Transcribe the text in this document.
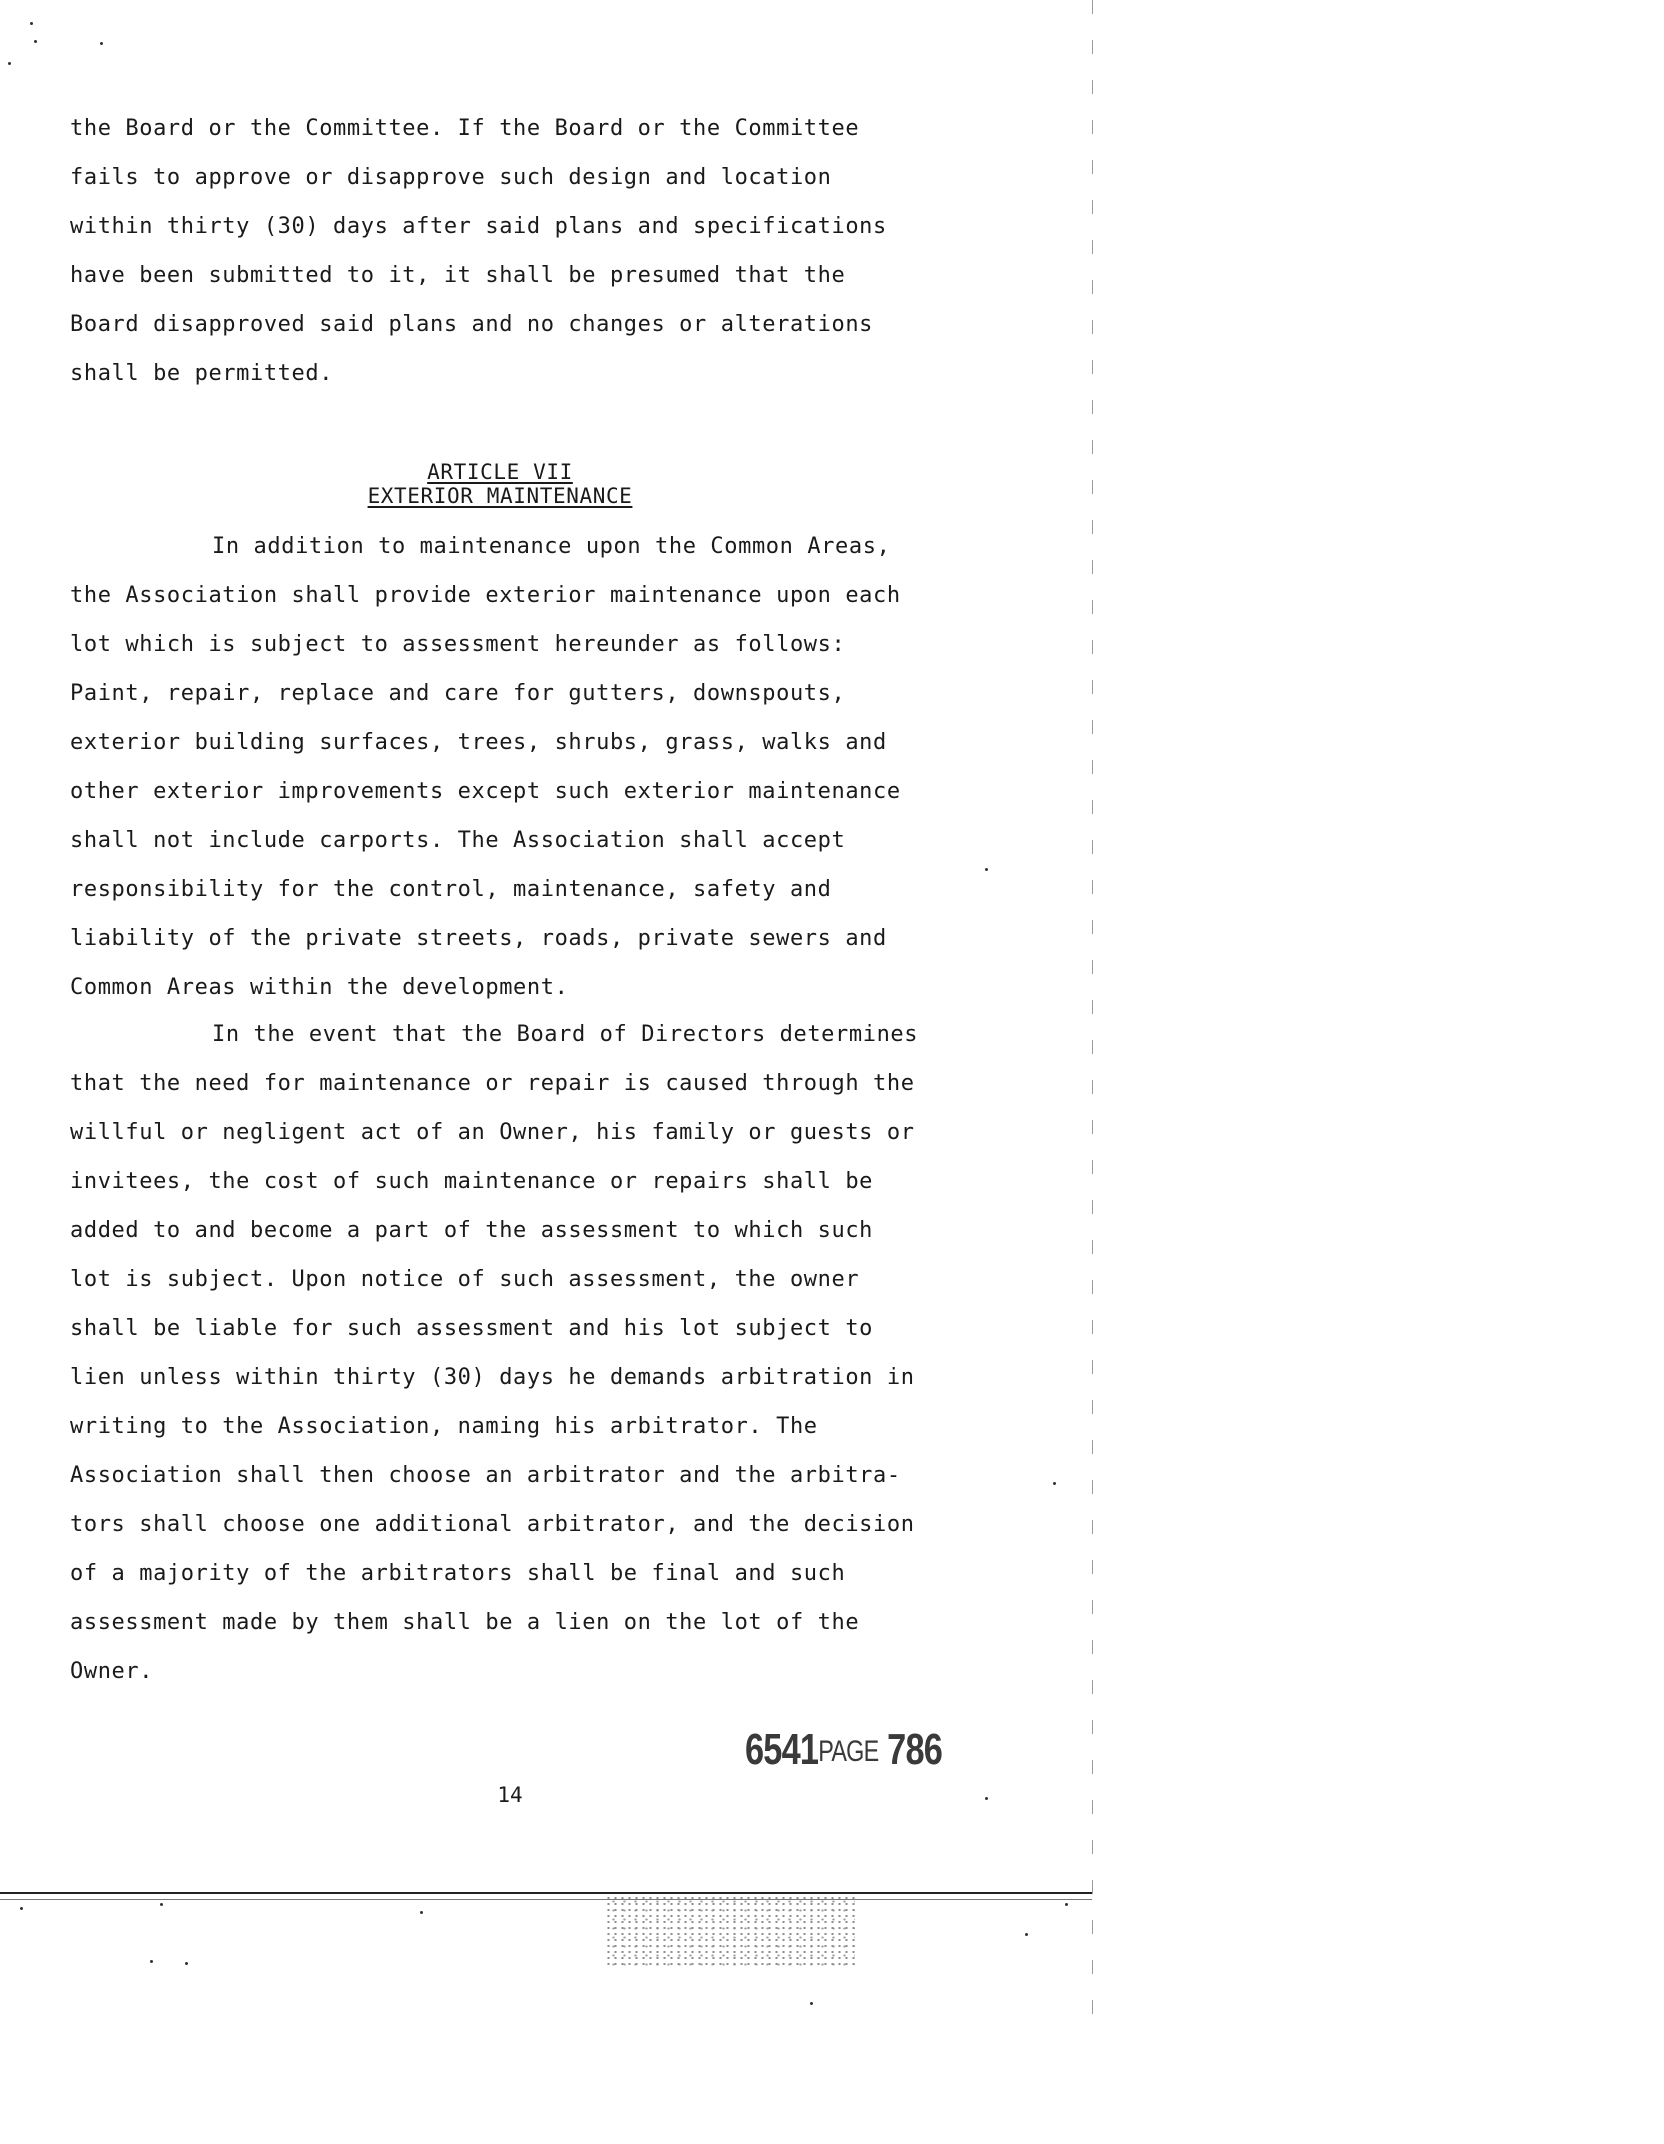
the Board or the Committee. If the Board or the Committee
fails to approve or disapprove such design and location
within thirty (30) days after said plans and specifications
have been submitted to it, it shall be presumed that the
Board disapproved said plans and no changes or alterations
shall be permitted.
ARTICLE VII
EXTERIOR MAINTENANCE
In addition to maintenance upon the Common Areas,
the Association shall provide exterior maintenance upon each
lot which is subject to assessment hereunder as follows:
Paint, repair, replace and care for gutters, downspouts,
exterior building surfaces, trees, shrubs, grass, walks and
other exterior improvements except such exterior maintenance
shall not include carports. The Association shall accept
responsibility for the control, maintenance, safety and
liability of the private streets, roads, private sewers and
Common Areas within the development.
In the event that the Board of Directors determines
that the need for maintenance or repair is caused through the
willful or negligent act of an Owner, his family or guests or
invitees, the cost of such maintenance or repairs shall be
added to and become a part of the assessment to which such
lot is subject. Upon notice of such assessment, the owner
shall be liable for such assessment and his lot subject to
lien unless within thirty (30) days he demands arbitration in
writing to the Association, naming his arbitrator. The
Association shall then choose an arbitrator and the arbitra-
tors shall choose one additional arbitrator, and the decision
of a majority of the arbitrators shall be final and such
assessment made by them shall be a lien on the lot of the
Owner.
6541PAGE 786
14
